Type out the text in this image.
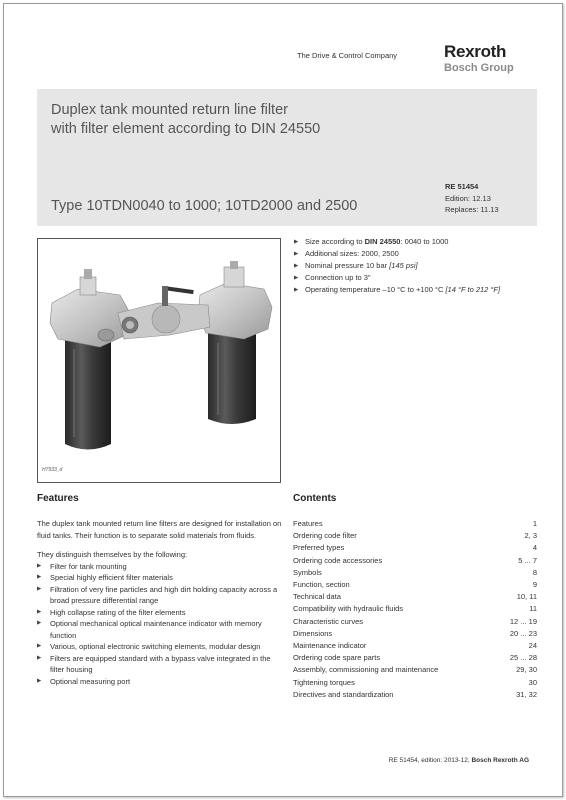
The Drive & Control Company	Rexroth
Bosch Group
Duplex tank mounted return line filter
with filter element according to DIN 24550
Type 10TDN0040 to 1000; 10TD2000 and 2500
RE 51454
Edition: 12.13
Replaces: 11.13
H7933_d
▶ Size according to DIN 24550: 0040 to 1000
▶ Additional sizes: 2000, 2500
▶ Nominal pressure 10 bar [145 psi]
▶ Connection up to 3"
▶ Operating temperature –10 °C to +100 °C [14 °F to 212 °F]
Features	Contents

The duplex tank mounted return line filters are designed for installation on fluid tanks. Their function is to separate solid materials from fluids.

They distinguish themselves by the following:
▶ Filter for tank mounting
▶ Special highly efficient filter materials
▶ Filtration of very fine particles and high dirt holding capacity across a broad pressure differential range
▶ High collapse rating of the filter elements
▶ Optional mechanical optical maintenance indicator with memory function
▶ Various, optional electronic switching elements, modular design
▶ Filters are equipped standard with a bypass valve integrated in the filter housing
▶ Optional measuring port
Features	1
Ordering code filter	2, 3
Preferred types	4
Ordering code accessories	5 ... 7
Symbols	8
Function, section	9
Technical data	10, 11
Compatibility with hydraulic fluids	11
Characteristic curves	12 ... 19
Dimensions	20 ... 23
Maintenance indicator	24
Ordering code spare parts	25 ... 28
Assembly, commissioning and maintenance	29, 30
Tightening torques	30
Directives and standardization	31, 32
RE 51454, edition: 2013-12, Bosch Rexroth AG
